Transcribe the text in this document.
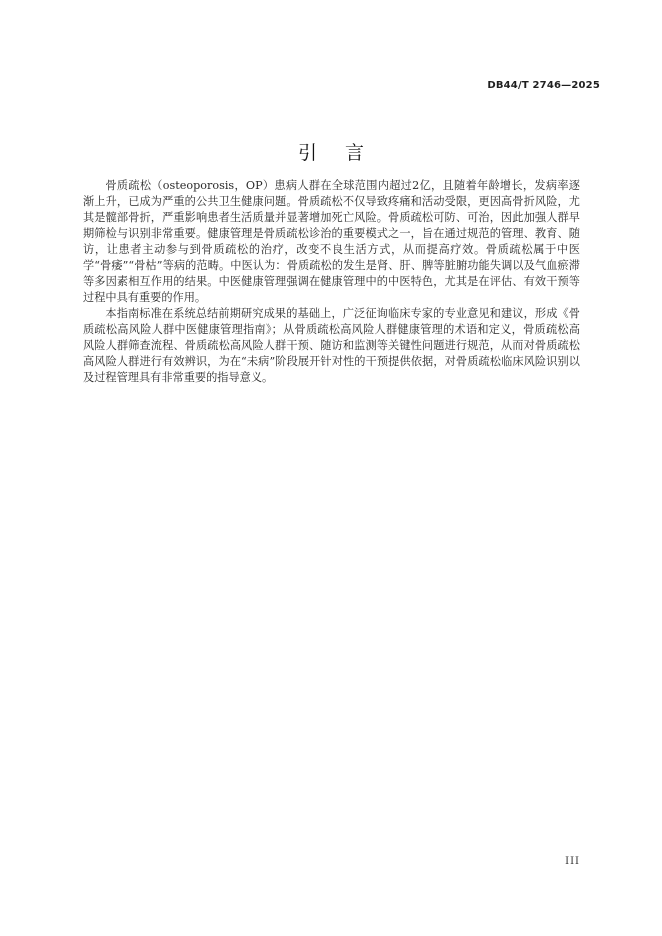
DB44/T 2746—2025
引言

骨质疏松（osteoporosis，OP）患病人群在全球范围内超过2亿，且随着年龄增长，发病率逐渐上升，已成为严重的公共卫生健康问题。骨质疏松不仅导致疼痛和活动受限，更因高骨折风险，尤其是髋部骨折，严重影响患者生活质量并显著增加死亡风险。骨质疏松可防、可治，因此加强人群早期筛检与识别非常重要。健康管理是骨质疏松诊治的重要模式之一，旨在通过规范的管理、教育、随访，让患者主动参与到骨质疏松的治疗，改变不良生活方式，从而提高疗效。骨质疏松属于中医学“骨痿”“骨枯”等病的范畴。中医认为：骨质疏松的发生是肾、肝、脾等脏腑功能失调以及气血瘀滞等多因素相互作用的结果。中医健康管理强调在健康管理中的中医特色，尤其是在评估、有效干预等过程中具有重要的作用。

本指南标准在系统总结前期研究成果的基础上，广泛征询临床专家的专业意见和建议，形成《骨质疏松高风险人群中医健康管理指南》；从骨质疏松高风险人群健康管理的术语和定义，骨质疏松高风险人群筛查流程、骨质疏松高风险人群干预、随访和监测等关键性问题进行规范，从而对骨质疏松高风险人群进行有效辨识，为在“未病”阶段展开针对性的干预提供依据，对骨质疏松临床风险识别以及过程管理具有非常重要的指导意义。

III
